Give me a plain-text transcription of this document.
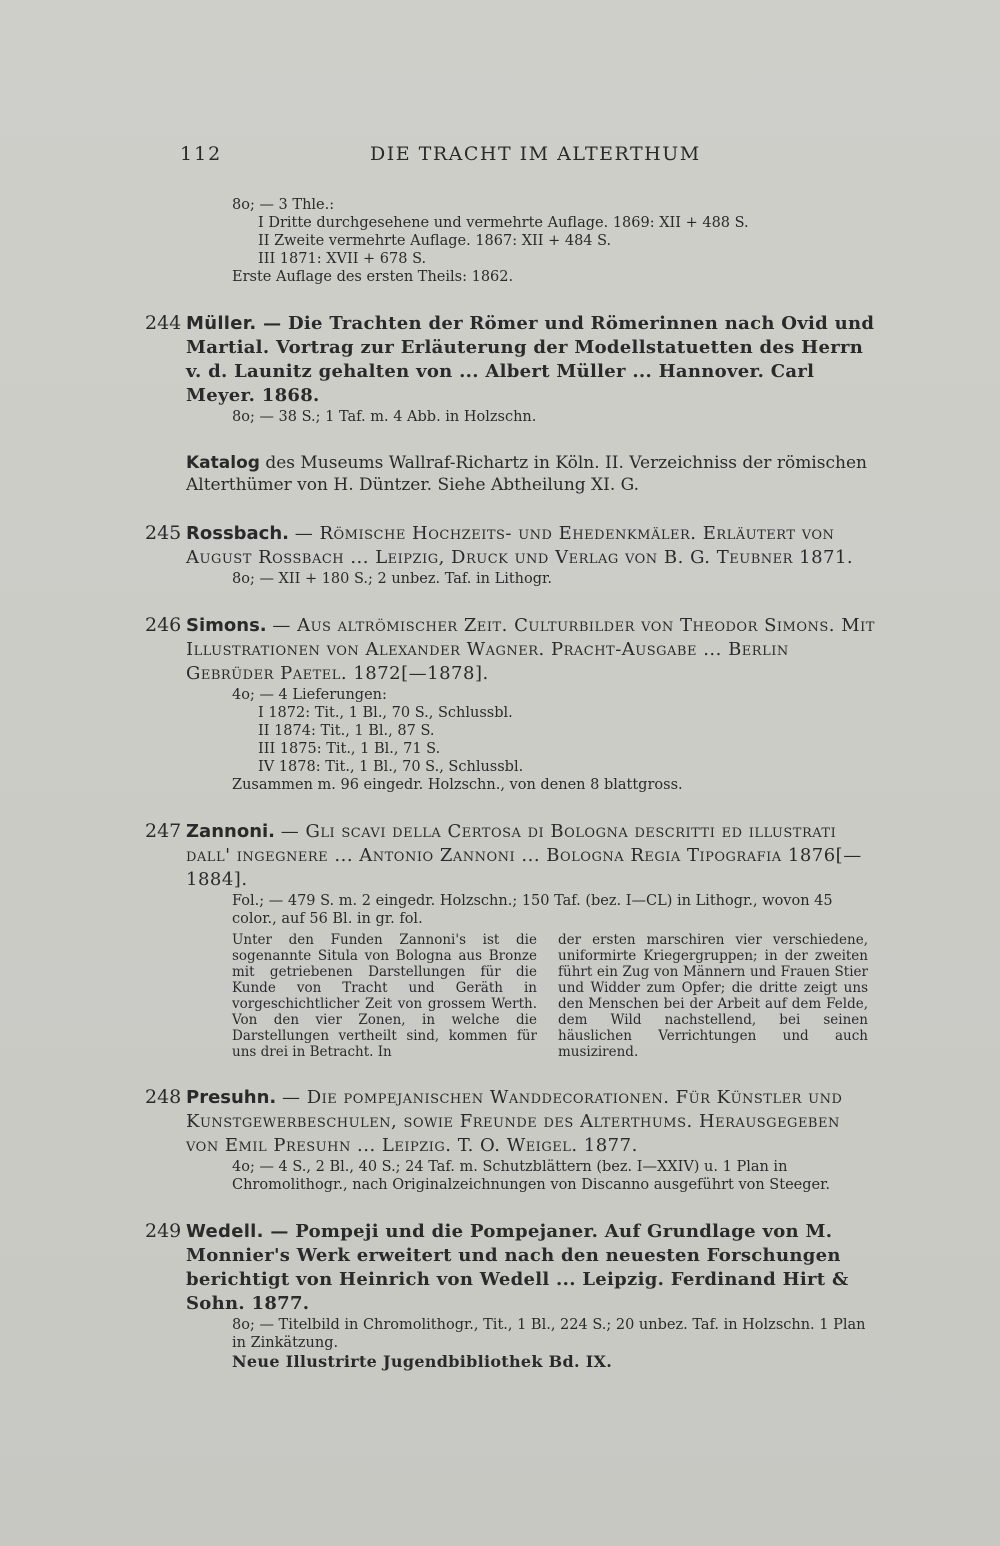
112	DIE TRACHT IM ALTERTHUM
8o; — 3 Thle.:
I Dritte durchgesehene und vermehrte Auflage. 1869: XII + 488 S.
II Zweite vermehrte Auflage. 1867: XII + 484 S.
III 1871: XVII + 678 S.
Erste Auflage des ersten Theils: 1862.
244 Müller. — Die Trachten der Römer und Römerinnen nach Ovid und Martial. Vortrag zur Erläuterung der Modellstatuetten des Herrn v. d. Launitz gehalten von ... Albert Müller ... Hannover. Carl Meyer. 1868.
8o; — 38 S.; 1 Taf. m. 4 Abb. in Holzschn.
Katalog des Museums Wallraf-Richartz in Köln. II. Verzeichniss der römischen Alterthümer von H. Düntzer. Siehe Abtheilung XI. G.
245 Rossbach. — Römische Hochzeits- und Ehedenkmäler. Erläutert von August Rossbach ... Leipzig, Druck und Verlag von B. G. Teubner 1871.
8o; — XII + 180 S.; 2 unbez. Taf. in Lithogr.
246 Simons. — Aus altrömischer Zeit. Culturbilder von Theodor Simons. Mit Illustrationen von Alexander Wagner. Pracht-Ausgabe ... Berlin Gebrüder Paetel. 1872[—1878].
4o; — 4 Lieferungen:
I 1872: Tit., 1 Bl., 70 S., Schlussbl.
II 1874: Tit., 1 Bl., 87 S.
III 1875: Tit., 1 Bl., 71 S.
IV 1878: Tit., 1 Bl., 70 S., Schlussbl.
Zusammen m. 96 eingedr. Holzschn., von denen 8 blattgross.
247 Zannoni. — Gli scavi della Certosa di Bologna descritti ed illustrati dall' ingegnere ... Antonio Zannoni ... Bologna Regia Tipografia 1876[—1884].
Fol.; — 479 S. m. 2 eingedr. Holzschn.; 150 Taf. (bez. I—CL) in Lithogr., wovon 45 color., auf 56 Bl. in gr. fol.
Unter den Funden Zannoni's ist die sogenannte Situla von Bologna aus Bronze mit getriebenen Darstellungen für die Kunde von Tracht und Geräth in vorgeschichtlicher Zeit von grossem Werth. Von den vier Zonen, in welche die Darstellungen vertheilt sind, kommen für uns drei in Betracht. In
der ersten marschiren vier verschiedene, uniformirte Kriegergruppen; in der zweiten führt ein Zug von Männern und Frauen Stier und Widder zum Opfer; die dritte zeigt uns den Menschen bei der Arbeit auf dem Felde, dem Wild nachstellend, bei seinen häuslichen Verrichtungen und auch musizirend.
248 Presuhn. — Die pompejanischen Wanddecorationen. Für Künstler und Kunstgewerbeschulen, sowie Freunde des Alterthums. Herausgegeben von Emil Presuhn ... Leipzig. T. O. Weigel. 1877.
4o; — 4 S., 2 Bl., 40 S.; 24 Taf. m. Schutzblättern (bez. I—XXIV) u. 1 Plan in Chromolithogr., nach Originalzeichnungen von Discanno ausgeführt von Steeger.
249 Wedell. — Pompeji und die Pompejaner. Auf Grundlage von M. Monnier's Werk erweitert und nach den neuesten Forschungen berichtigt von Heinrich von Wedell ... Leipzig. Ferdinand Hirt & Sohn. 1877.
8o; — Titelbild in Chromolithogr., Tit., 1 Bl., 224 S.; 20 unbez. Taf. in Holzschn. 1 Plan in Zinkätzung.
Neue Illustrirte Jugendbibliothek Bd. IX.
